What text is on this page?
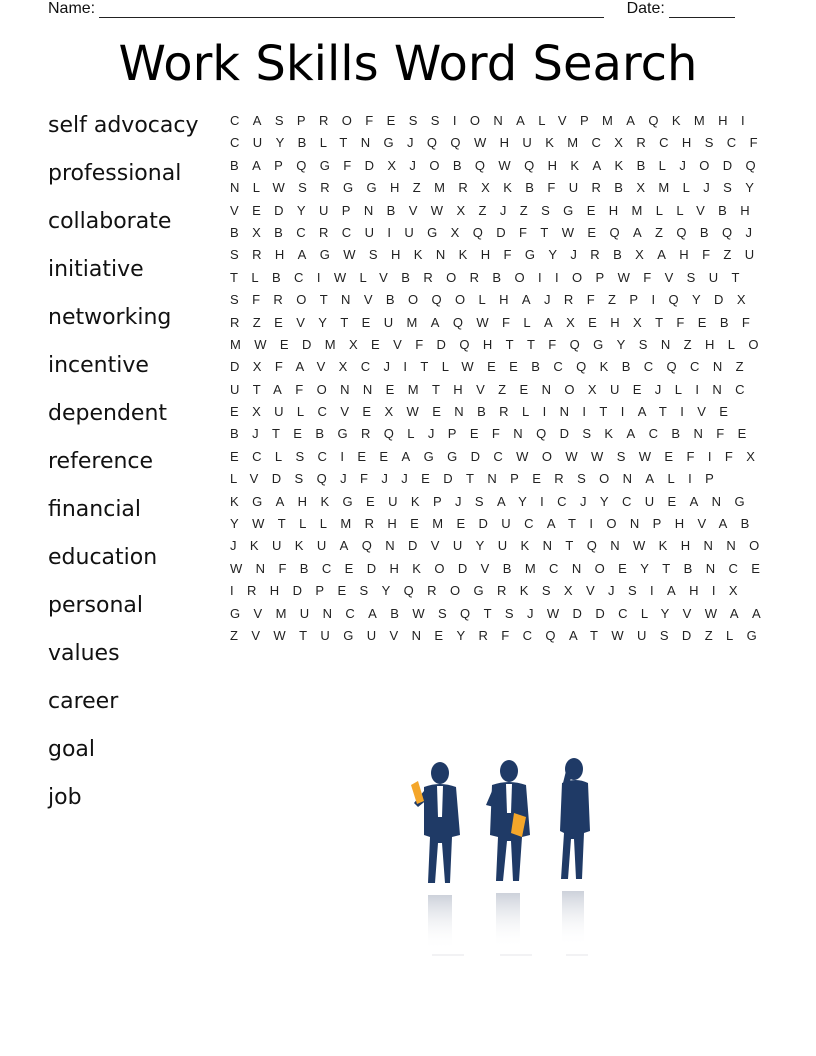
Name:	Date:
Work Skills Word Search
self advocacy
professional
collaborate
initiative
networking
incentive
dependent
reference
financial
education
personal
values
career
goal
job
CASPROFESSIONALVPMAQKMHI
CUYBLTNGJQQWHUKMCXRCHSCF
BAPQGFDXJOBQWQHKAKBLJODQ
NLWSRGGHZMRXKBFURBXMLJSY
VEDYUPNBVWXZJZSGEHMLLVBH
BXBCRCUIUGXQDFTWEQAZQBQJ
SRHAGWSHKNKHFGYJRBXAHFZU
TLBCIWLVBRORBOIIOPWFVSUT
SFROTNVBOQOLHAJRFZPIQYDX
RZEVYTEUMAQWFLAXEHXTFEBF
MWEDMXEVFDQHTTFQGYSNZHLO
DXFAVXCJITLWEEBCQKBCQCNZ
UTAFONNEMTHVZENOXUEJLINC
EXULCVEXWENBRLINITIATIVE
BJTEBGRQLJPEFNQDSKACBNFE
ECLSCIEEAGGDCWOWWSWEFIFX
LVDSQJFJJEDTNPERSONALIP
KGAHKGEUKPJSAYICJYCUEANG
YWTLLMRHEMEDUCATIONPHVAB
JKUKUAQNDVUYUKNTQNWKHNNO
WNFBCEDHKODVBMCNOEYTBNCE
IRHDPESYQROGRKSXVJSIAHIX
GVMUNCABWSQTSJWDDCLYVWAA
ZVWTUGUVNEYRFCQATWUSDZLG
